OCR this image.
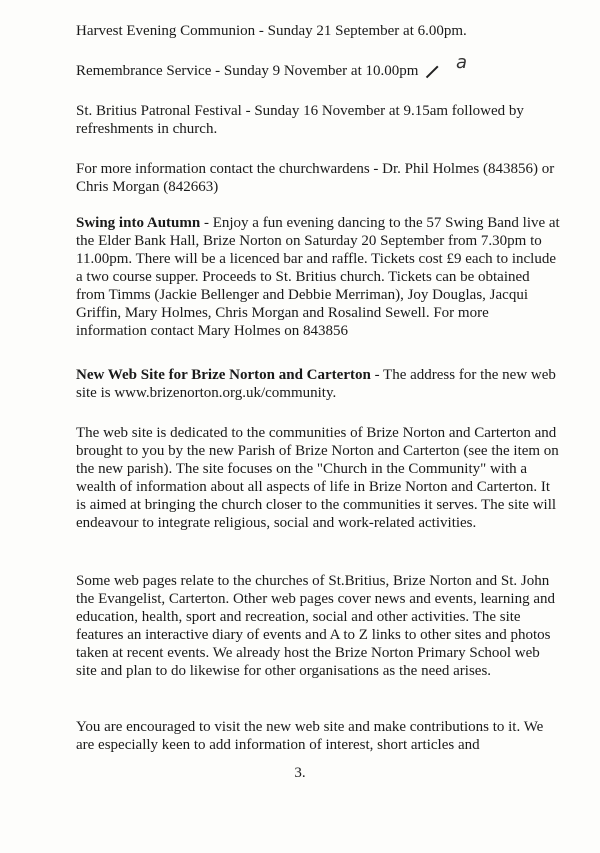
Harvest Evening Communion - Sunday 21 September at 6.00pm.

Remembrance Service - Sunday 9 November at 10.00pm	a

St. Britius Patronal Festival - Sunday 16 November at 9.15am followed by refreshments in church.

For more information contact the churchwardens - Dr. Phil Holmes (843856) or Chris Morgan (842663)

Swing into Autumn - Enjoy a fun evening dancing to the 57 Swing Band live at the Elder Bank Hall, Brize Norton on Saturday 20 September from 7.30pm to 11.00pm. There will be a licenced bar and raffle. Tickets cost £9 each to include a two course supper. Proceeds to St. Britius church. Tickets can be obtained from Timms (Jackie Bellenger and Debbie Merriman), Joy Douglas, Jacqui Griffin, Mary Holmes, Chris Morgan and Rosalind Sewell. For more information contact Mary Holmes on 843856

New Web Site for Brize Norton and Carterton - The address for the new web site is www.brizenorton.org.uk/community.

The web site is dedicated to the communities of Brize Norton and Carterton and brought to you by the new Parish of Brize Norton and Carterton (see the item on the new parish). The site focuses on the "Church in the Community" with a wealth of information about all aspects of life in Brize Norton and Carterton. It is aimed at bringing the church closer to the communities it serves. The site will endeavour to integrate religious, social and work-related activities.

Some web pages relate to the churches of St.Britius, Brize Norton and St. John the Evangelist, Carterton. Other web pages cover news and events, learning and education, health, sport and recreation, social and other activities. The site features an interactive diary of events and A to Z links to other sites and photos taken at recent events. We already host the Brize Norton Primary School web site and plan to do likewise for other organisations as the need arises.

You are encouraged to visit the new web site and make contributions to it. We are especially keen to add information of interest, short articles and

3.
